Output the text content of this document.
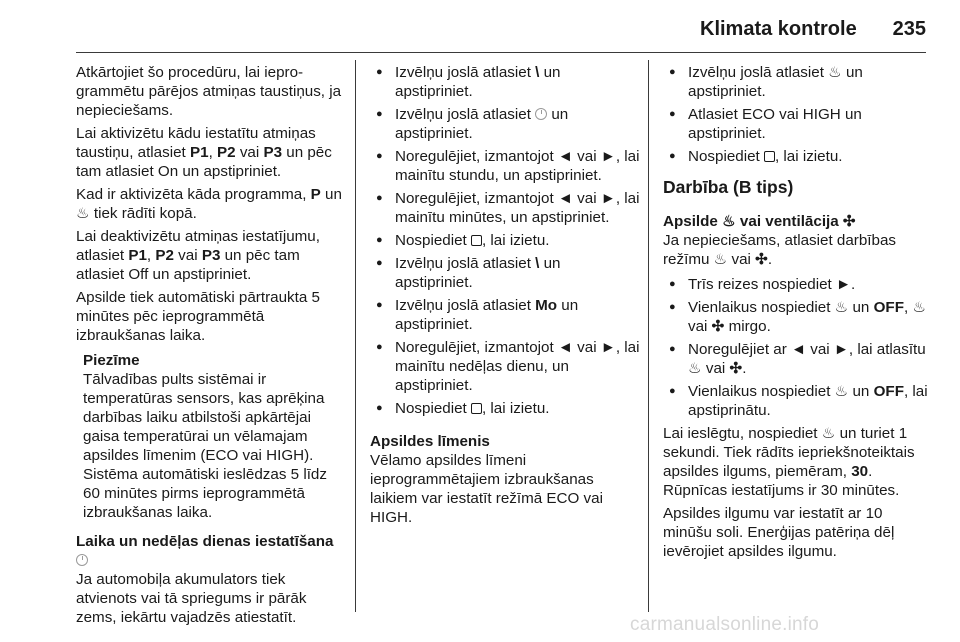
Klimata kontrole 235

Atkārtojiet šo procedūru, lai ieprogrammētu pārējos atmiņas taustiņus, ja nepieciešams.

Lai aktivizētu kādu iestatītu atmiņas taustiņu, atlasiet P1, P2 vai P3 un pēc tam atlasiet On un apstipriniet.

Kad ir aktivizēta kāda programma, P un ♨ tiek rādīti kopā.

Lai deaktivizētu atmiņas iestatījumu, atlasiet P1, P2 vai P3 un pēc tam atlasiet Off un apstipriniet.

Apsilde tiek automātiski pārtraukta 5 minūtes pēc ieprogrammētā izbraukšanas laika.

Piezīme
Tālvadības pults sistēmai ir temperatūras sensors, kas aprēķina darbības laiku atbilstoši apkārtējai gaisa temperatūrai un vēlamajam apsildes līmenim (ECO vai HIGH). Sistēma automātiski ieslēdzas 5 līdz 60 minūtes pirms ieprogrammētā izbraukšanas laika.
Laika un nedēļas dienas iestatīšana

Ja automobiļa akumulators tiek atvienots vai tā spriegums ir pārāk zems, iekārtu vajadzēs atiestatīt.

● Izvēlņu joslā atlasiet \ un apstipriniet.
● Izvēlņu joslā atlasiet  un apstipriniet.
● Noregulējiet, izmantojot ◄ vai ►, lai mainītu stundu, un apstipriniet.
● Noregulējiet, izmantojot ◄ vai ►, lai mainītu minūtes, un apstipriniet.
● Nospiediet , lai izietu.
● Izvēlņu joslā atlasiet \ un apstipriniet.
● Izvēlņu joslā atlasiet Mo un apstipriniet.
● Noregulējiet, izmantojot ◄ vai ►, lai mainītu nedēļas dienu, un apstipriniet.
● Nospiediet , lai izietu.
Apsildes līmenis

Vēlamo apsildes līmeni ieprogrammētajiem izbraukšanas laikiem var iestatīt režīmā ECO vai HIGH.

● Izvēlņu joslā atlasiet ♨ un apstipriniet.
● Atlasiet ECO vai HIGH un apstipriniet.
● Nospiediet , lai izietu.
Darbība (B tips)
Apsilde ♨ vai ventilācija ✣

Ja nepieciešams, atlasiet darbības režīmu ♨ vai ✣.

● Trīs reizes nospiediet ►.
● Vienlaikus nospiediet ♨ un OFF, ♨ vai ✣ mirgo.
● Noregulējiet ar ◄ vai ►, lai atlasītu ♨ vai ✣.
● Vienlaikus nospiediet ♨ un OFF, lai apstiprinātu.

Lai ieslēgtu, nospiediet ♨ un turiet 1 sekundi. Tiek rādīts iepriekšnoteiktais apsildes ilgums, piemēram, 30. Rūpnīcas iestatījums ir 30 minūtes.

Apsildes ilgumu var iestatīt ar 10 minūšu soli. Enerģijas patēriņa dēļ ievērojiet apsildes ilgumu.

carmanualsonline.info
